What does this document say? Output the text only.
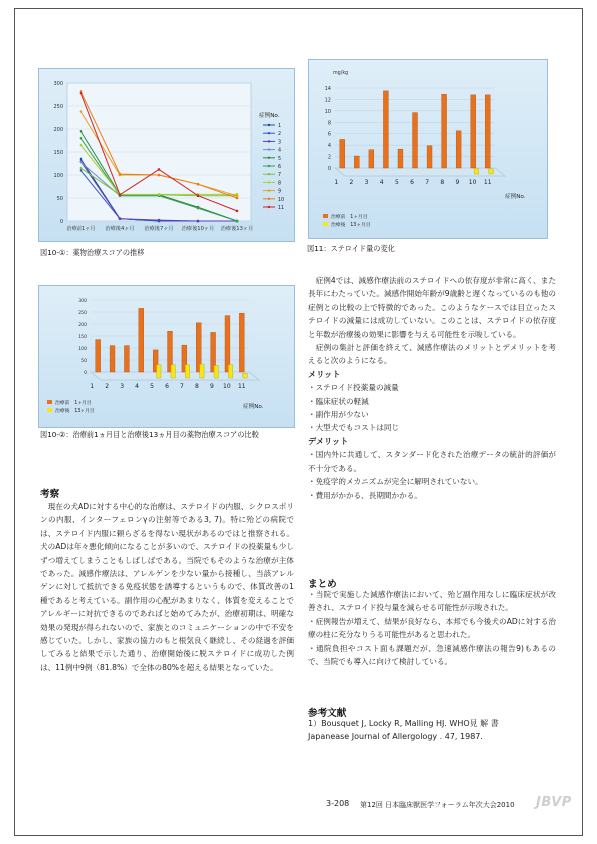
0
50
100
150
200
250
300
治療前1ヶ月 治療後4ヶ月 治療後7ヶ月 治療後10ヶ月 治療後13ヶ月
症例No.
1
2
3
4
5
6
7
8
9
10
11
図10-①：薬物治療スコアの推移
0
2
4
6
8
10
12
14
mg/kg
1 2 3 4 5 6 7 8 9 10 11
症例No.
治療前　1ヶ月目
治療後　13ヶ月目
図11：ステロイド量の変化
0
50
100
150
200
250
300
1 2 3 4 5 6 7 8 9 10 11
症例No.
治療前　1ヶ月目
治療後　13ヶ月目
図10-②：治療前1ヵ月目と治療後13ヵ月目の薬物治療スコアの比較
考察

　現在の犬ADに対する中心的な治療は、ステロイドの内服、シクロスポリンの内服、インターフェロンγの注射等である3, 7)。特に殆どの病院では、ステロイド内服に頼らざるを得ない現状があるのではと推察される。犬のADは年々悪化傾向になることが多いので、ステロイドの投薬量も少しずつ増えてしまうこともしばしばである。当院でもそのような治療が主体であった。減感作療法は、アレルゲンを少ない量から接種し、当該アレルゲンに対して抵抗できる免疫状態を誘導するというもので、体質改善の1種であると考えている。副作用の心配があまりなく、体質を変えることでアレルギーに対抗できるのであればと始めてみたが、治療初期は、明確な効果の発現が得られないので、家族とのコミュニケーションの中で不安を感じていた。しかし、家族の協力のもと根気良く継続し、その経過を評価してみると結果で示した通り、治療開始後に脱ステロイドに成功した例は、11例中9例（81.8%）で全体の80%を超える結果となっていた。

　症例4では、減感作療法前のステロイドへの依存度が非常に高く、また長年にわたっていた。減感作開始年齢が9歳齢と遅くなっているのも他の症例との比較の上で特徴的であった。このようなケースでは目立ったステロイドの減量には成功していない。このことは、ステロイドの依存度と年数が治療後の効果に影響を与える可能性を示唆している。

　症例の集計と評価を終えて、減感作療法のメリットとデメリットを考えると次のようになる。

メリット

・ステロイド投薬量の減量

・臨床症状の軽減

・副作用が少ない

・大型犬でもコストは同じ

デメリット

・国内外に共通して、スタンダード化された治療データの統計的評価が不十分である。

・免疫学的メカニズムが完全に解明されていない。

・費用がかかる、長期間かかる。

まとめ

・当院で実施した減感作療法において、殆ど副作用なしに臨床症状が改善され、ステロイド投与量を減らせる可能性が示唆された。

・症例報告が増えて、結果が良好なら、本邦でも今後犬のADに対する治療の柱に充分なりうる可能性があると思われた。

・通院負担やコスト面も課題だが、急速減感作療法の報告9)もあるので、当院でも導入に向けて検討している。

参考文献

1）Bousquet J, Locky R, Malling HJ. WHO見 解 書

Japanease Journal of Allergology . 47, 1987.

3-208 第12回 日本臨床獣医学フォーラム年次大会2010 JBVP
